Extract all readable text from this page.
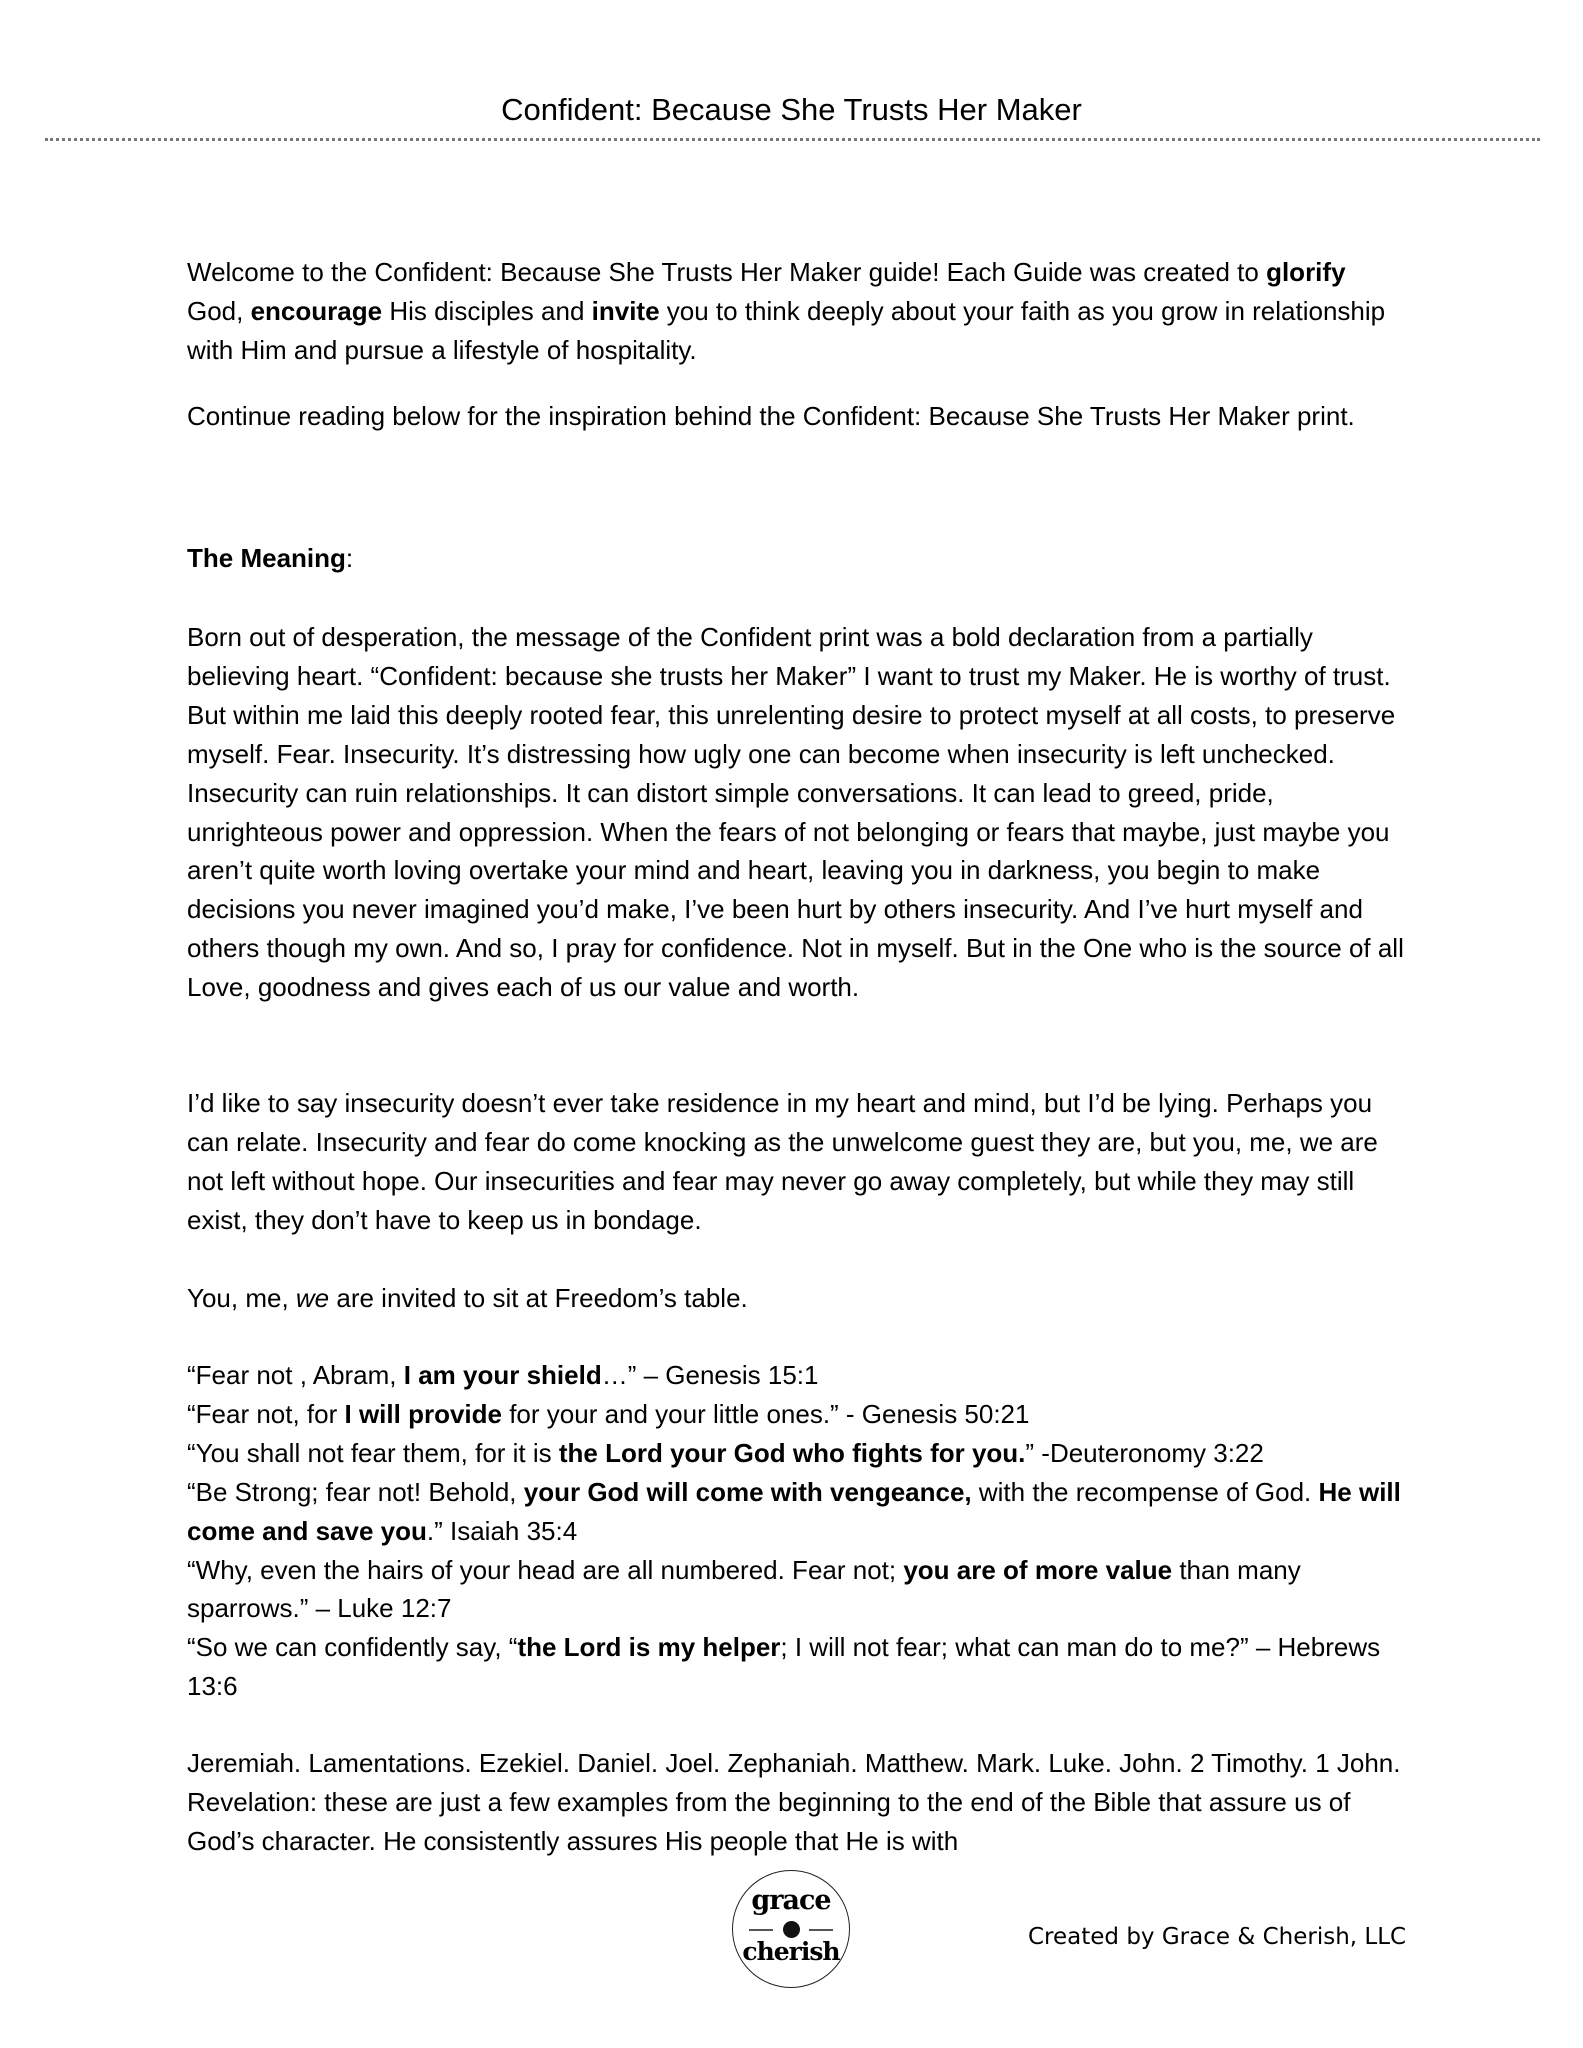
Confident: Because She Trusts Her Maker
Welcome to the Confident: Because She Trusts Her Maker guide! Each Guide was created to glorify God, encourage His disciples and invite you to think deeply about your faith as you grow in relationship with Him and pursue a lifestyle of hospitality.
Continue reading below for the inspiration behind the Confident: Because She Trusts Her Maker print.
The Meaning:
Born out of desperation, the message of the Confident print was a bold declaration from a partially believing heart. “Confident: because she trusts her Maker” I want to trust my Maker. He is worthy of trust. But within me laid this deeply rooted fear, this unrelenting desire to protect myself at all costs, to preserve myself. Fear. Insecurity. It’s distressing how ugly one can become when insecurity is left unchecked. Insecurity can ruin relationships. It can distort simple conversations. It can lead to greed, pride, unrighteous power and oppression. When the fears of not belonging or fears that maybe, just maybe you aren’t quite worth loving overtake your mind and heart, leaving you in darkness, you begin to make decisions you never imagined you’d make, I’ve been hurt by others insecurity. And I’ve hurt myself and others though my own. And so, I pray for confidence. Not in myself. But in the One who is the source of all Love, goodness and gives each of us our value and worth.
I’d like to say insecurity doesn’t ever take residence in my heart and mind, but I’d be lying. Perhaps you can relate. Insecurity and fear do come knocking as the unwelcome guest they are, but you, me, we are not left without hope. Our insecurities and fear may never go away completely, but while they may still exist, they don’t have to keep us in bondage.
You, me, we are invited to sit at Freedom’s table.
“Fear not , Abram, I am your shield…” – Genesis 15:1
“Fear not, for I will provide for your and your little ones.” - Genesis 50:21
“You shall not fear them, for it is the Lord your God who fights for you.” -Deuteronomy 3:22
“Be Strong; fear not! Behold, your God will come with vengeance, with the recompense of God. He will come and save you.” Isaiah 35:4
“Why, even the hairs of your head are all numbered. Fear not; you are of more value than many sparrows.” – Luke 12:7
“So we can confidently say, “the Lord is my helper; I will not fear; what can man do to me?” – Hebrews 13:6
Jeremiah. Lamentations. Ezekiel. Daniel. Joel. Zephaniah. Matthew. Mark. Luke. John. 2 Timothy. 1 John. Revelation: these are just a few examples from the beginning to the end of the Bible that assure us of God’s character. He consistently assures His people that He is with
grace
cherish	Created by Grace & Cherish, LLC
